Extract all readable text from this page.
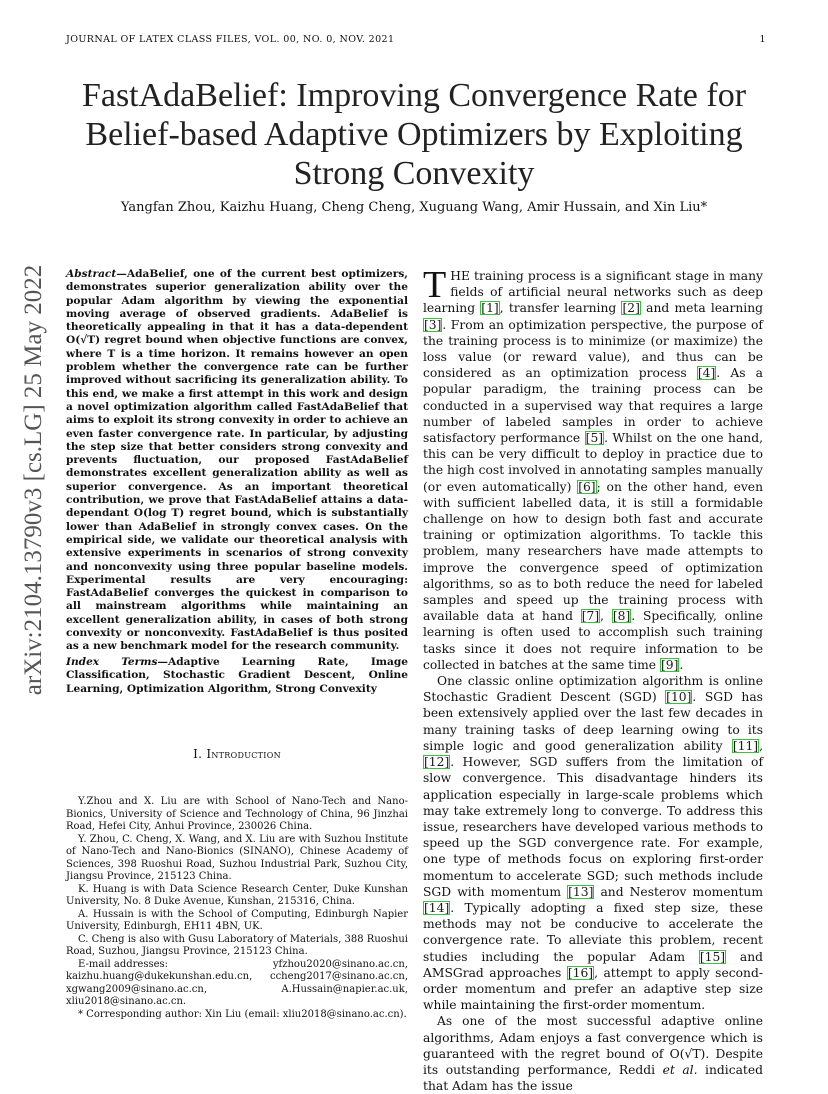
JOURNAL OF LATEX CLASS FILES, VOL. 00, NO. 0, NOV. 2021	1
arXiv:2104.13790v3 [cs.LG] 25 May 2022
FastAdaBelief: Improving Convergence Rate for Belief-based Adaptive Optimizers by Exploiting Strong Convexity
Yangfan Zhou, Kaizhu Huang, Cheng Cheng, Xuguang Wang, Amir Hussain, and Xin Liu*
Abstract—AdaBelief, one of the current best optimizers, demonstrates superior generalization ability over the popular Adam algorithm by viewing the exponential moving average of observed gradients. AdaBelief is theoretically appealing in that it has a data-dependent O(√T) regret bound when objective functions are convex, where T is a time horizon. It remains however an open problem whether the convergence rate can be further improved without sacrificing its generalization ability. To this end, we make a first attempt in this work and design a novel optimization algorithm called FastAdaBelief that aims to exploit its strong convexity in order to achieve an even faster convergence rate. In particular, by adjusting the step size that better considers strong convexity and prevents fluctuation, our proposed FastAdaBelief demonstrates excellent generalization ability as well as superior convergence. As an important theoretical contribution, we prove that FastAdaBelief attains a data-dependant O(log T) regret bound, which is substantially lower than AdaBelief in strongly convex cases. On the empirical side, we validate our theoretical analysis with extensive experiments in scenarios of strong convexity and nonconvexity using three popular baseline models. Experimental results are very encouraging: FastAdaBelief converges the quickest in comparison to all mainstream algorithms while maintaining an excellent generalization ability, in cases of both strong convexity or nonconvexity. FastAdaBelief is thus posited as a new benchmark model for the research community.
Index Terms—Adaptive Learning Rate, Image Classification, Stochastic Gradient Descent, Online Learning, Optimization Algorithm, Strong Convexity
I. Introduction

Y.Zhou and X. Liu are with School of Nano-Tech and Nano-Bionics, University of Science and Technology of China, 96 Jinzhai Road, Hefei City, Anhui Province, 230026 China.

Y. Zhou, C. Cheng, X. Wang, and X. Liu are with Suzhou Institute of Nano-Tech and Nano-Bionics (SINANO), Chinese Academy of Sciences, 398 Ruoshui Road, Suzhou Industrial Park, Suzhou City, Jiangsu Province, 215123 China.

K. Huang is with Data Science Research Center, Duke Kunshan University, No. 8 Duke Avenue, Kunshan, 215316, China.

A. Hussain is with the School of Computing, Edinburgh Napier University, Edinburgh, EH11 4BN, UK.

C. Cheng is also with Gusu Laboratory of Materials, 388 Ruoshui Road, Suzhou, Jiangsu Province, 215123 China.

E-mail addresses:	yfzhou2020@sinano.ac.cn,
kaizhu.huang@dukekunshan.edu.cn,	ccheng2017@sinano.ac.cn,
xgwang2009@sinano.ac.cn,	A.Hussain@napier.ac.uk,
xliu2018@sinano.ac.cn.

* Corresponding author: Xin Liu (email: xliu2018@sinano.ac.cn).

THE training process is a significant stage in many fields of artificial neural networks such as deep learning [1], transfer learning [2] and meta learning [3]. From an optimization perspective, the purpose of the training process is to minimize (or maximize) the loss value (or reward value), and thus can be considered as an optimization process [4]. As a popular paradigm, the training process can be conducted in a supervised way that requires a large number of labeled samples in order to achieve satisfactory performance [5]. Whilst on the one hand, this can be very difficult to deploy in practice due to the high cost involved in annotating samples manually (or even automatically) [6]; on the other hand, even with sufficient labelled data, it is still a formidable challenge on how to design both fast and accurate training or optimization algorithms. To tackle this problem, many researchers have made attempts to improve the convergence speed of optimization algorithms, so as to both reduce the need for labeled samples and speed up the training process with available data at hand [7], [8]. Specifically, online learning is often used to accomplish such training tasks since it does not require information to be collected in batches at the same time [9].

One classic online optimization algorithm is online Stochastic Gradient Descent (SGD) [10]. SGD has been extensively applied over the last few decades in many training tasks of deep learning owing to its simple logic and good generalization ability [11], [12]. However, SGD suffers from the limitation of slow convergence. This disadvantage hinders its application especially in large-scale problems which may take extremely long to converge. To address this issue, researchers have developed various methods to speed up the SGD convergence rate. For example, one type of methods focus on exploring first-order momentum to accelerate SGD; such methods include SGD with momentum [13] and Nesterov momentum [14]. Typically adopting a fixed step size, these methods may not be conducive to accelerate the convergence rate. To alleviate this problem, recent studies including the popular Adam [15] and AMSGrad approaches [16], attempt to apply second-order momentum and prefer an adaptive step size while maintaining the first-order momentum.

As one of the most successful adaptive online algorithms, Adam enjoys a fast convergence which is guaranteed with the regret bound of O(√T). Despite its outstanding performance, Reddi et al. indicated that Adam has the issue
